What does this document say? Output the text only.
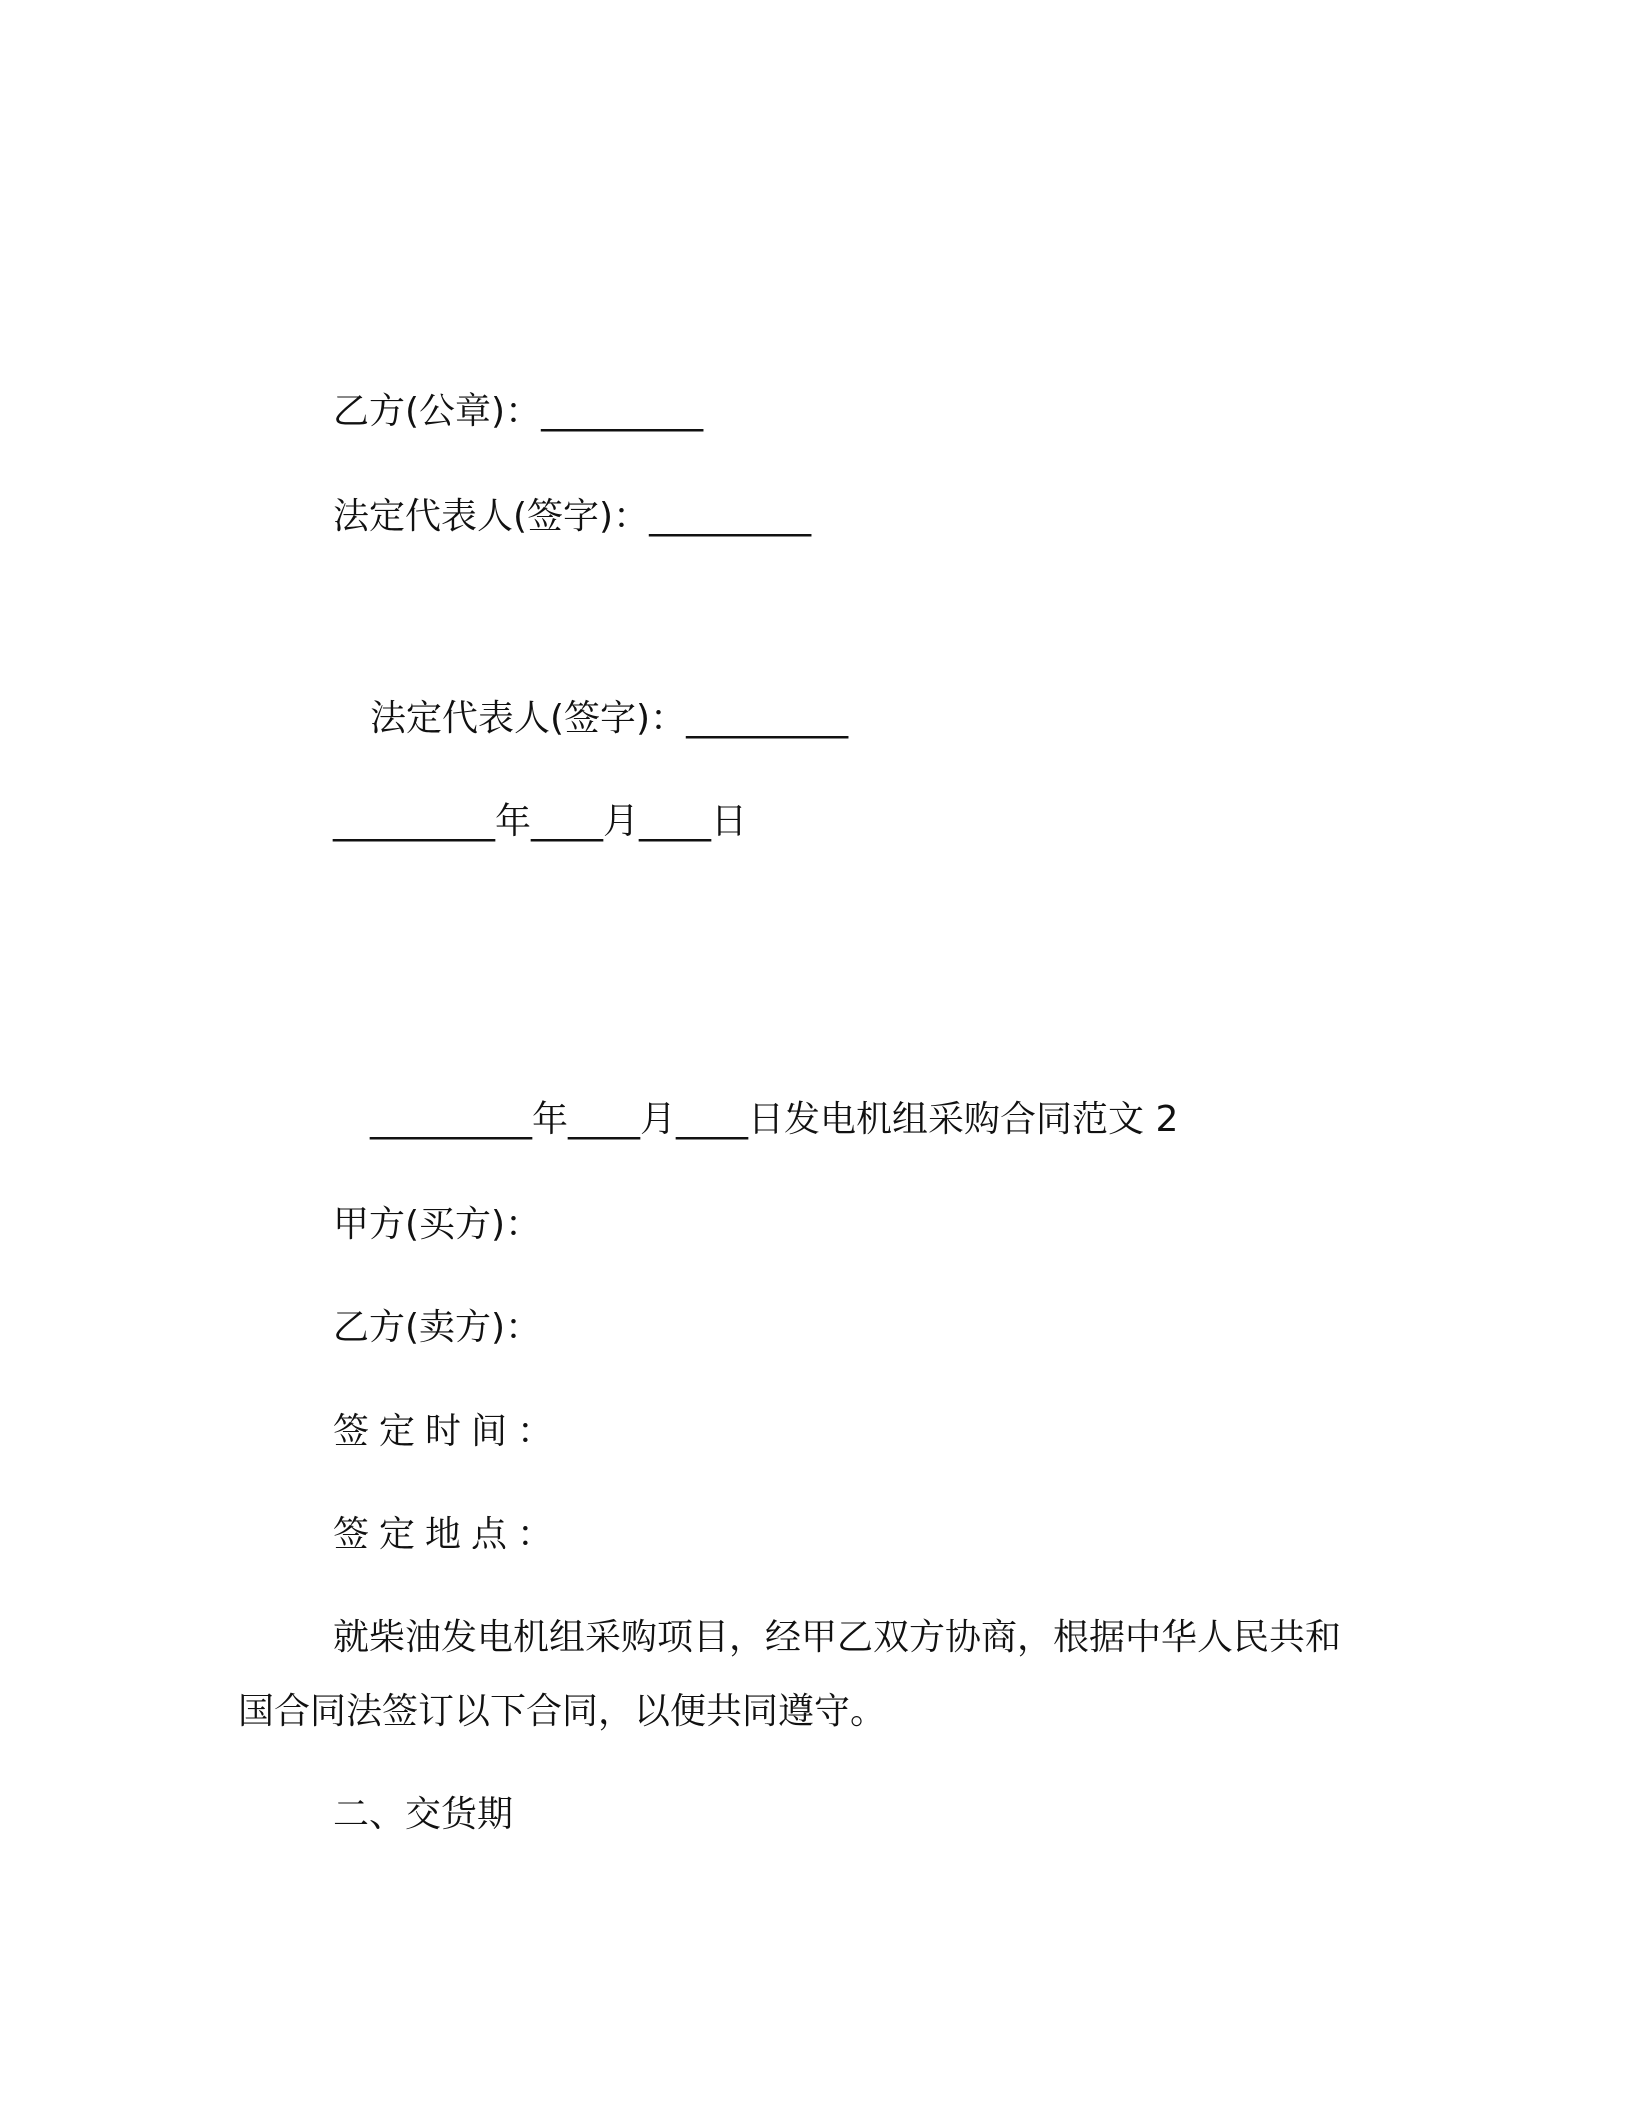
乙方(公章)：_________
法定代表人(签字)：_________
法定代表人(签字)：_________
_________年____月____日
_________年____月____日发电机组采购合同范文 2
甲方(买方)：
乙方(卖方)：
签定时间：
签定地点：
就柴油发电机组采购项目，经甲乙双方协商，根据中华人民共和
国合同法签订以下合同，以便共同遵守。
二、交货期
